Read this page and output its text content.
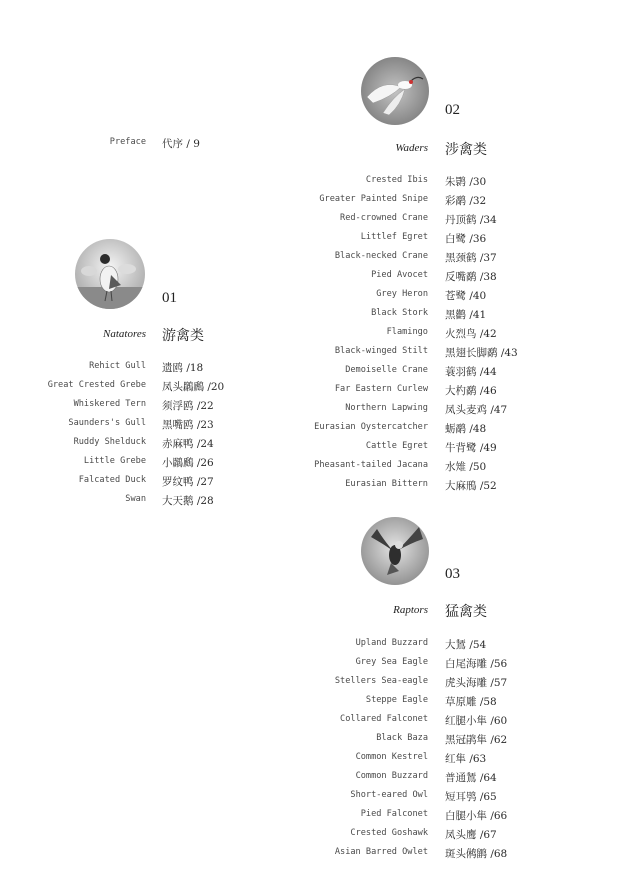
Preface 代序 / 9
01
Natatores 游禽类
Rehict Gull 遗鸥 /18
Great Crested Grebe 凤头鸊鷉 /20
Whiskered Tern 须浮鸥 /22
Saunders's Gull 黑嘴鸥 /23
Ruddy Shelduck 赤麻鸭 /24
Little Grebe 小鸊鷉 /26
Falcated Duck 罗纹鸭 /27
Swan 大天鹅 /28
02
Waders 涉禽类
Crested Ibis 朱鹮 /30
Greater Painted Snipe 彩鹬 /32
Red-crowned Crane 丹顶鹤 /34
Littlef Egret 白鹭 /36
Black-necked Crane 黑颈鹤 /37
Pied Avocet 反嘴鹬 /38
Grey Heron 苍鹭 /40
Black Stork 黑鹳 /41
Flamingo 火烈鸟 /42
Black-winged Stilt 黑翅长脚鹬 /43
Demoiselle Crane 蓑羽鹤 /44
Far Eastern Curlew 大杓鹬 /46
Northern Lapwing 凤头麦鸡 /47
Eurasian Oystercatcher 蛎鹬 /48
Cattle Egret 牛背鹭 /49
Pheasant-tailed Jacana 水雉 /50
Eurasian Bittern 大麻鳽 /52
03
Raptors 猛禽类
Upland Buzzard 大鵟 /54
Grey Sea Eagle 白尾海雕 /56
Stellers Sea-eagle 虎头海雕 /57
Steppe Eagle 草原雕 /58
Collared Falconet 红腿小隼 /60
Black Baza 黑冠鹃隼 /62
Common Kestrel 红隼 /63
Common Buzzard 普通鵟 /64
Short-eared Owl 短耳鸮 /65
Pied Falconet 白腿小隼 /66
Crested Goshawk 凤头鹰 /67
Asian Barred Owlet 斑头鸺鹠 /68
